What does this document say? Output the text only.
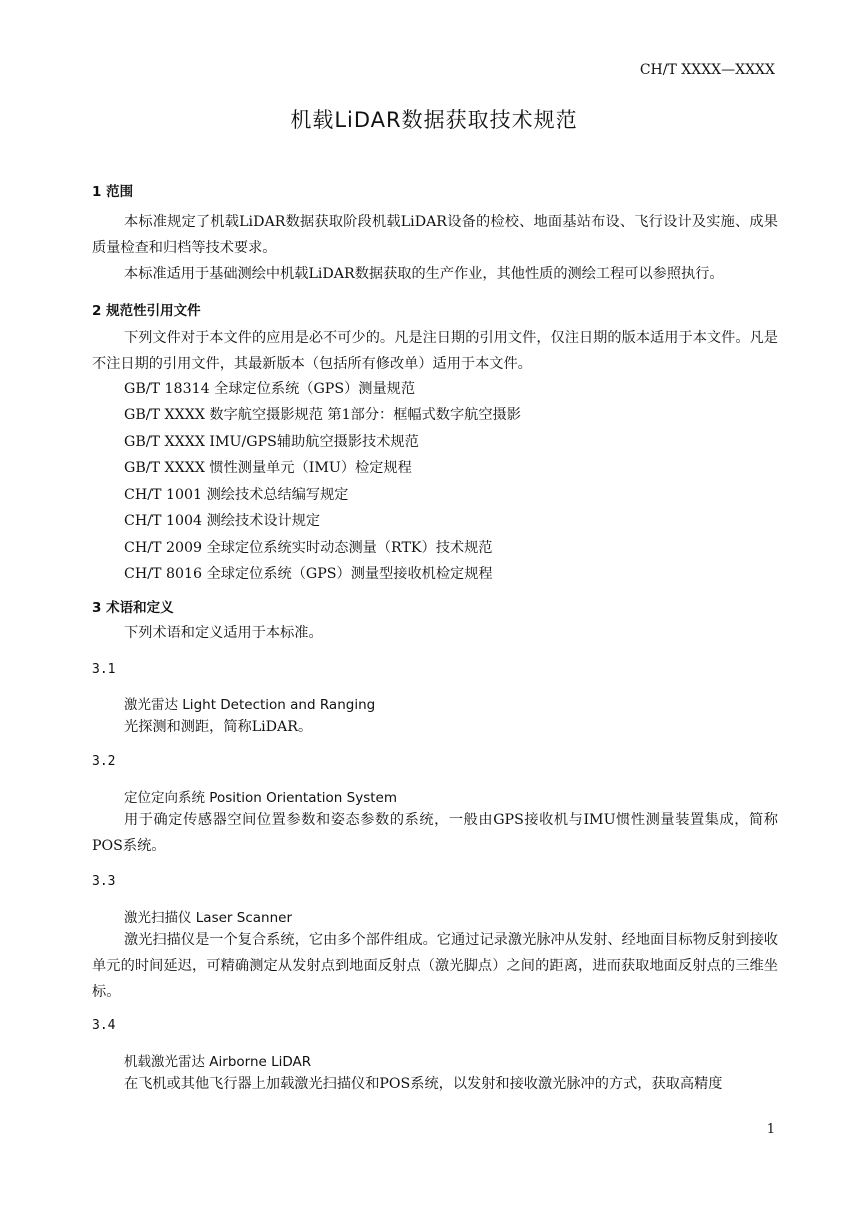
CH/T XXXX—XXXX
机载LiDAR数据获取技术规范
1 范围
本标准规定了机载LiDAR数据获取阶段机载LiDAR设备的检校、地面基站布设、飞行设计及实施、成果质量检查和归档等技术要求。
本标准适用于基础测绘中机载LiDAR数据获取的生产作业，其他性质的测绘工程可以参照执行。
2 规范性引用文件
下列文件对于本文件的应用是必不可少的。凡是注日期的引用文件，仅注日期的版本适用于本文件。凡是不注日期的引用文件，其最新版本（包括所有修改单）适用于本文件。
GB/T 18314 全球定位系统（GPS）测量规范
GB/T XXXX 数字航空摄影规范 第1部分：框幅式数字航空摄影
GB/T XXXX IMU/GPS辅助航空摄影技术规范
GB/T XXXX 惯性测量单元（IMU）检定规程
CH/T 1001 测绘技术总结编写规定
CH/T 1004 测绘技术设计规定
CH/T 2009 全球定位系统实时动态测量（RTK）技术规范
CH/T 8016 全球定位系统（GPS）测量型接收机检定规程
3 术语和定义
下列术语和定义适用于本标准。
3.1
激光雷达 Light Detection and Ranging
光探测和测距，简称LiDAR。
3.2
定位定向系统 Position Orientation System
用于确定传感器空间位置参数和姿态参数的系统，一般由GPS接收机与IMU惯性测量装置集成，简称POS系统。
3.3
激光扫描仪 Laser Scanner
激光扫描仪是一个复合系统，它由多个部件组成。它通过记录激光脉冲从发射、经地面目标物反射到接收单元的时间延迟，可精确测定从发射点到地面反射点（激光脚点）之间的距离，进而获取地面反射点的三维坐标。
3.4
机载激光雷达 Airborne LiDAR
在飞机或其他飞行器上加载激光扫描仪和POS系统，以发射和接收激光脉冲的方式，获取高精度
1
